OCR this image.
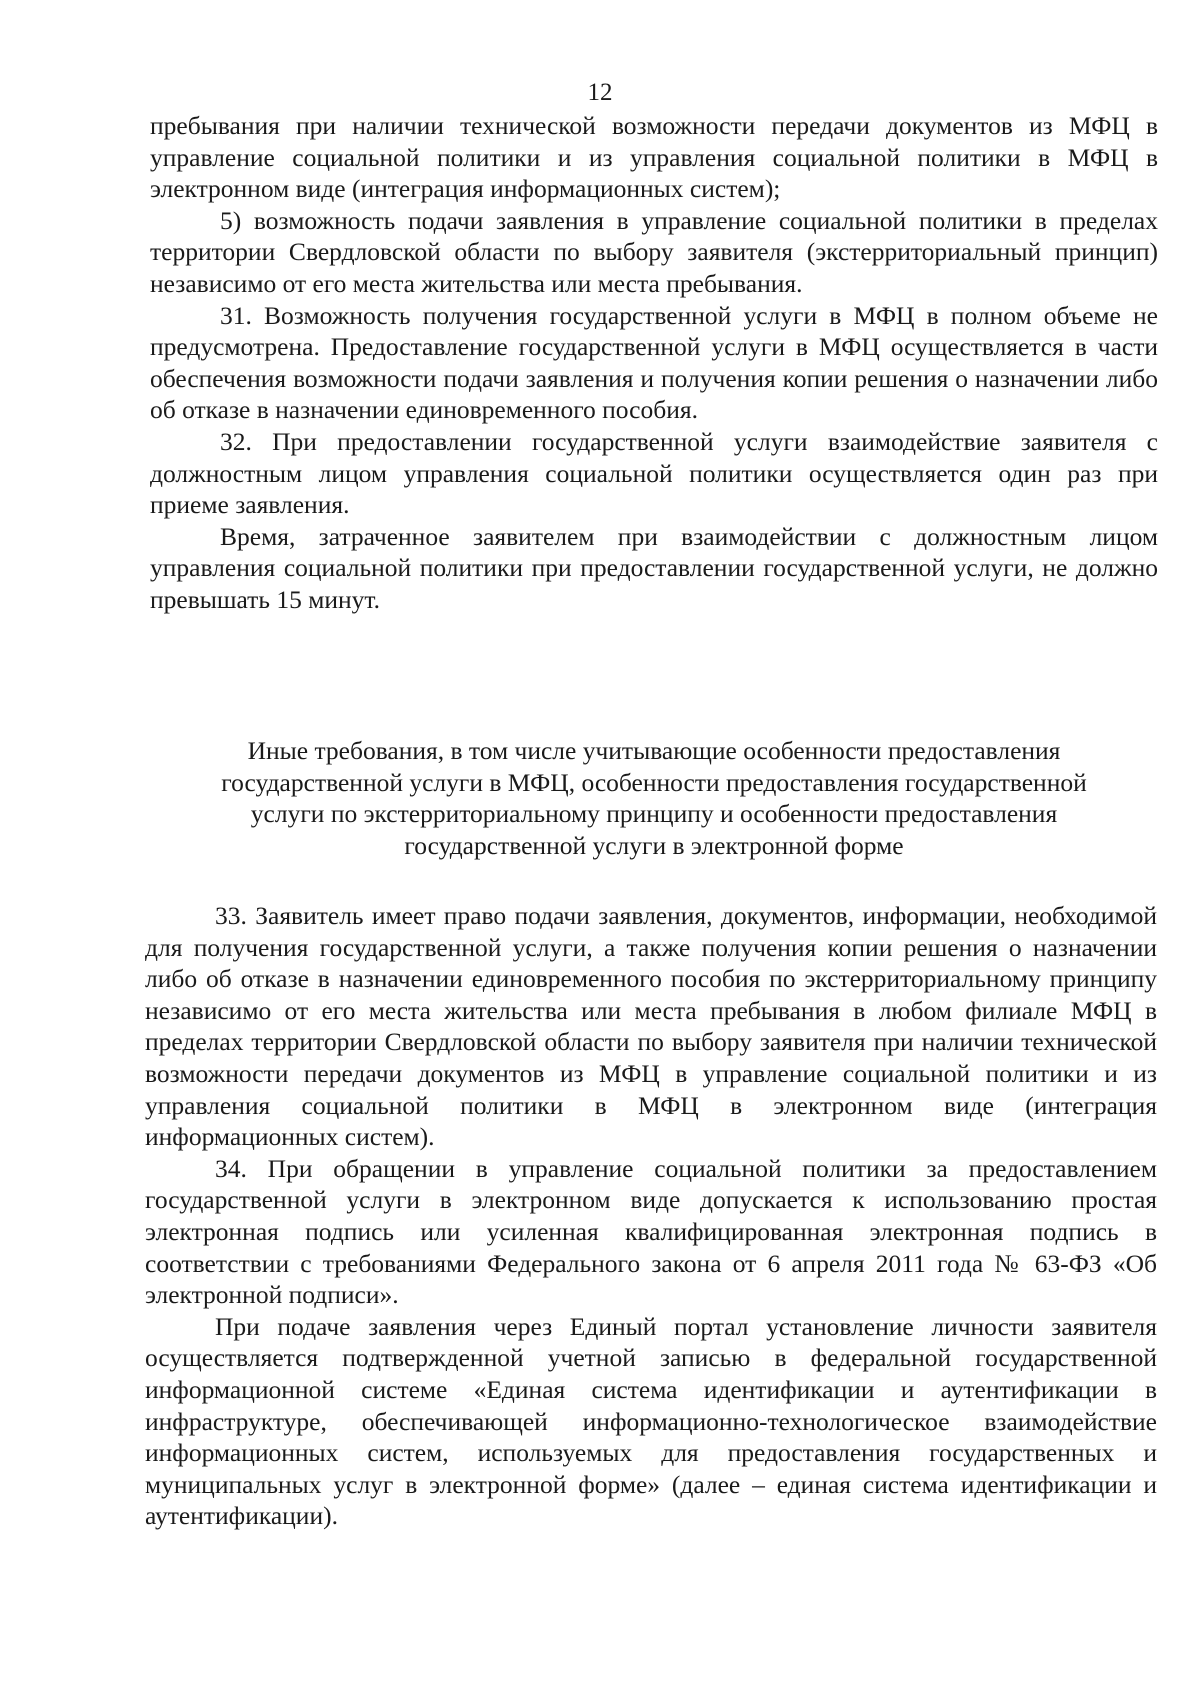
12

пребывания при наличии технической возможности передачи документов из МФЦ в управление социальной политики и из управления социальной политики в МФЦ в электронном виде (интеграция информационных систем);

5) возможность подачи заявления в управление социальной политики в пределах территории Свердловской области по выбору заявителя (экстерриториальный принцип) независимо от его места жительства или места пребывания.

31. Возможность получения государственной услуги в МФЦ в полном объеме не предусмотрена. Предоставление государственной услуги в МФЦ осуществляется в части обеспечения возможности подачи заявления и получения копии решения о назначении либо об отказе в назначении единовременного пособия.

32. При предоставлении государственной услуги взаимодействие заявителя с должностным лицом управления социальной политики осуществляется один раз при приеме заявления.

Время, затраченное заявителем при взаимодействии с должностным лицом управления социальной политики при предоставлении государственной услуги, не должно превышать 15 минут.

Иные требования, в том числе учитывающие особенности предоставления
государственной услуги в МФЦ, особенности предоставления государственной
услуги по экстерриториальному принципу и особенности предоставления
государственной услуги в электронной форме

33. Заявитель имеет право подачи заявления, документов, информации, необходимой для получения государственной услуги, а также получения копии решения о назначении либо об отказе в назначении единовременного пособия по экстерриториальному принципу независимо от его места жительства или места пребывания в любом филиале МФЦ в пределах территории Свердловской области по выбору заявителя при наличии технической возможности передачи документов из МФЦ в управление социальной политики и из управления социальной политики в МФЦ в электронном виде (интеграция информационных систем).

34. При обращении в управление социальной политики за предоставлением государственной услуги в электронном виде допускается к использованию простая электронная подпись или усиленная квалифицированная электронная подпись в соответствии с требованиями Федерального закона от 6 апреля 2011 года № 63-ФЗ «Об электронной подписи».

При подаче заявления через Единый портал установление личности заявителя осуществляется подтвержденной учетной записью в федеральной государственной информационной системе «Единая система идентификации и аутентификации в инфраструктуре, обеспечивающей информационно-технологическое взаимодействие информационных систем, используемых для предоставления государственных и муниципальных услуг в электронной форме» (далее – единая система идентификации и аутентификации).
